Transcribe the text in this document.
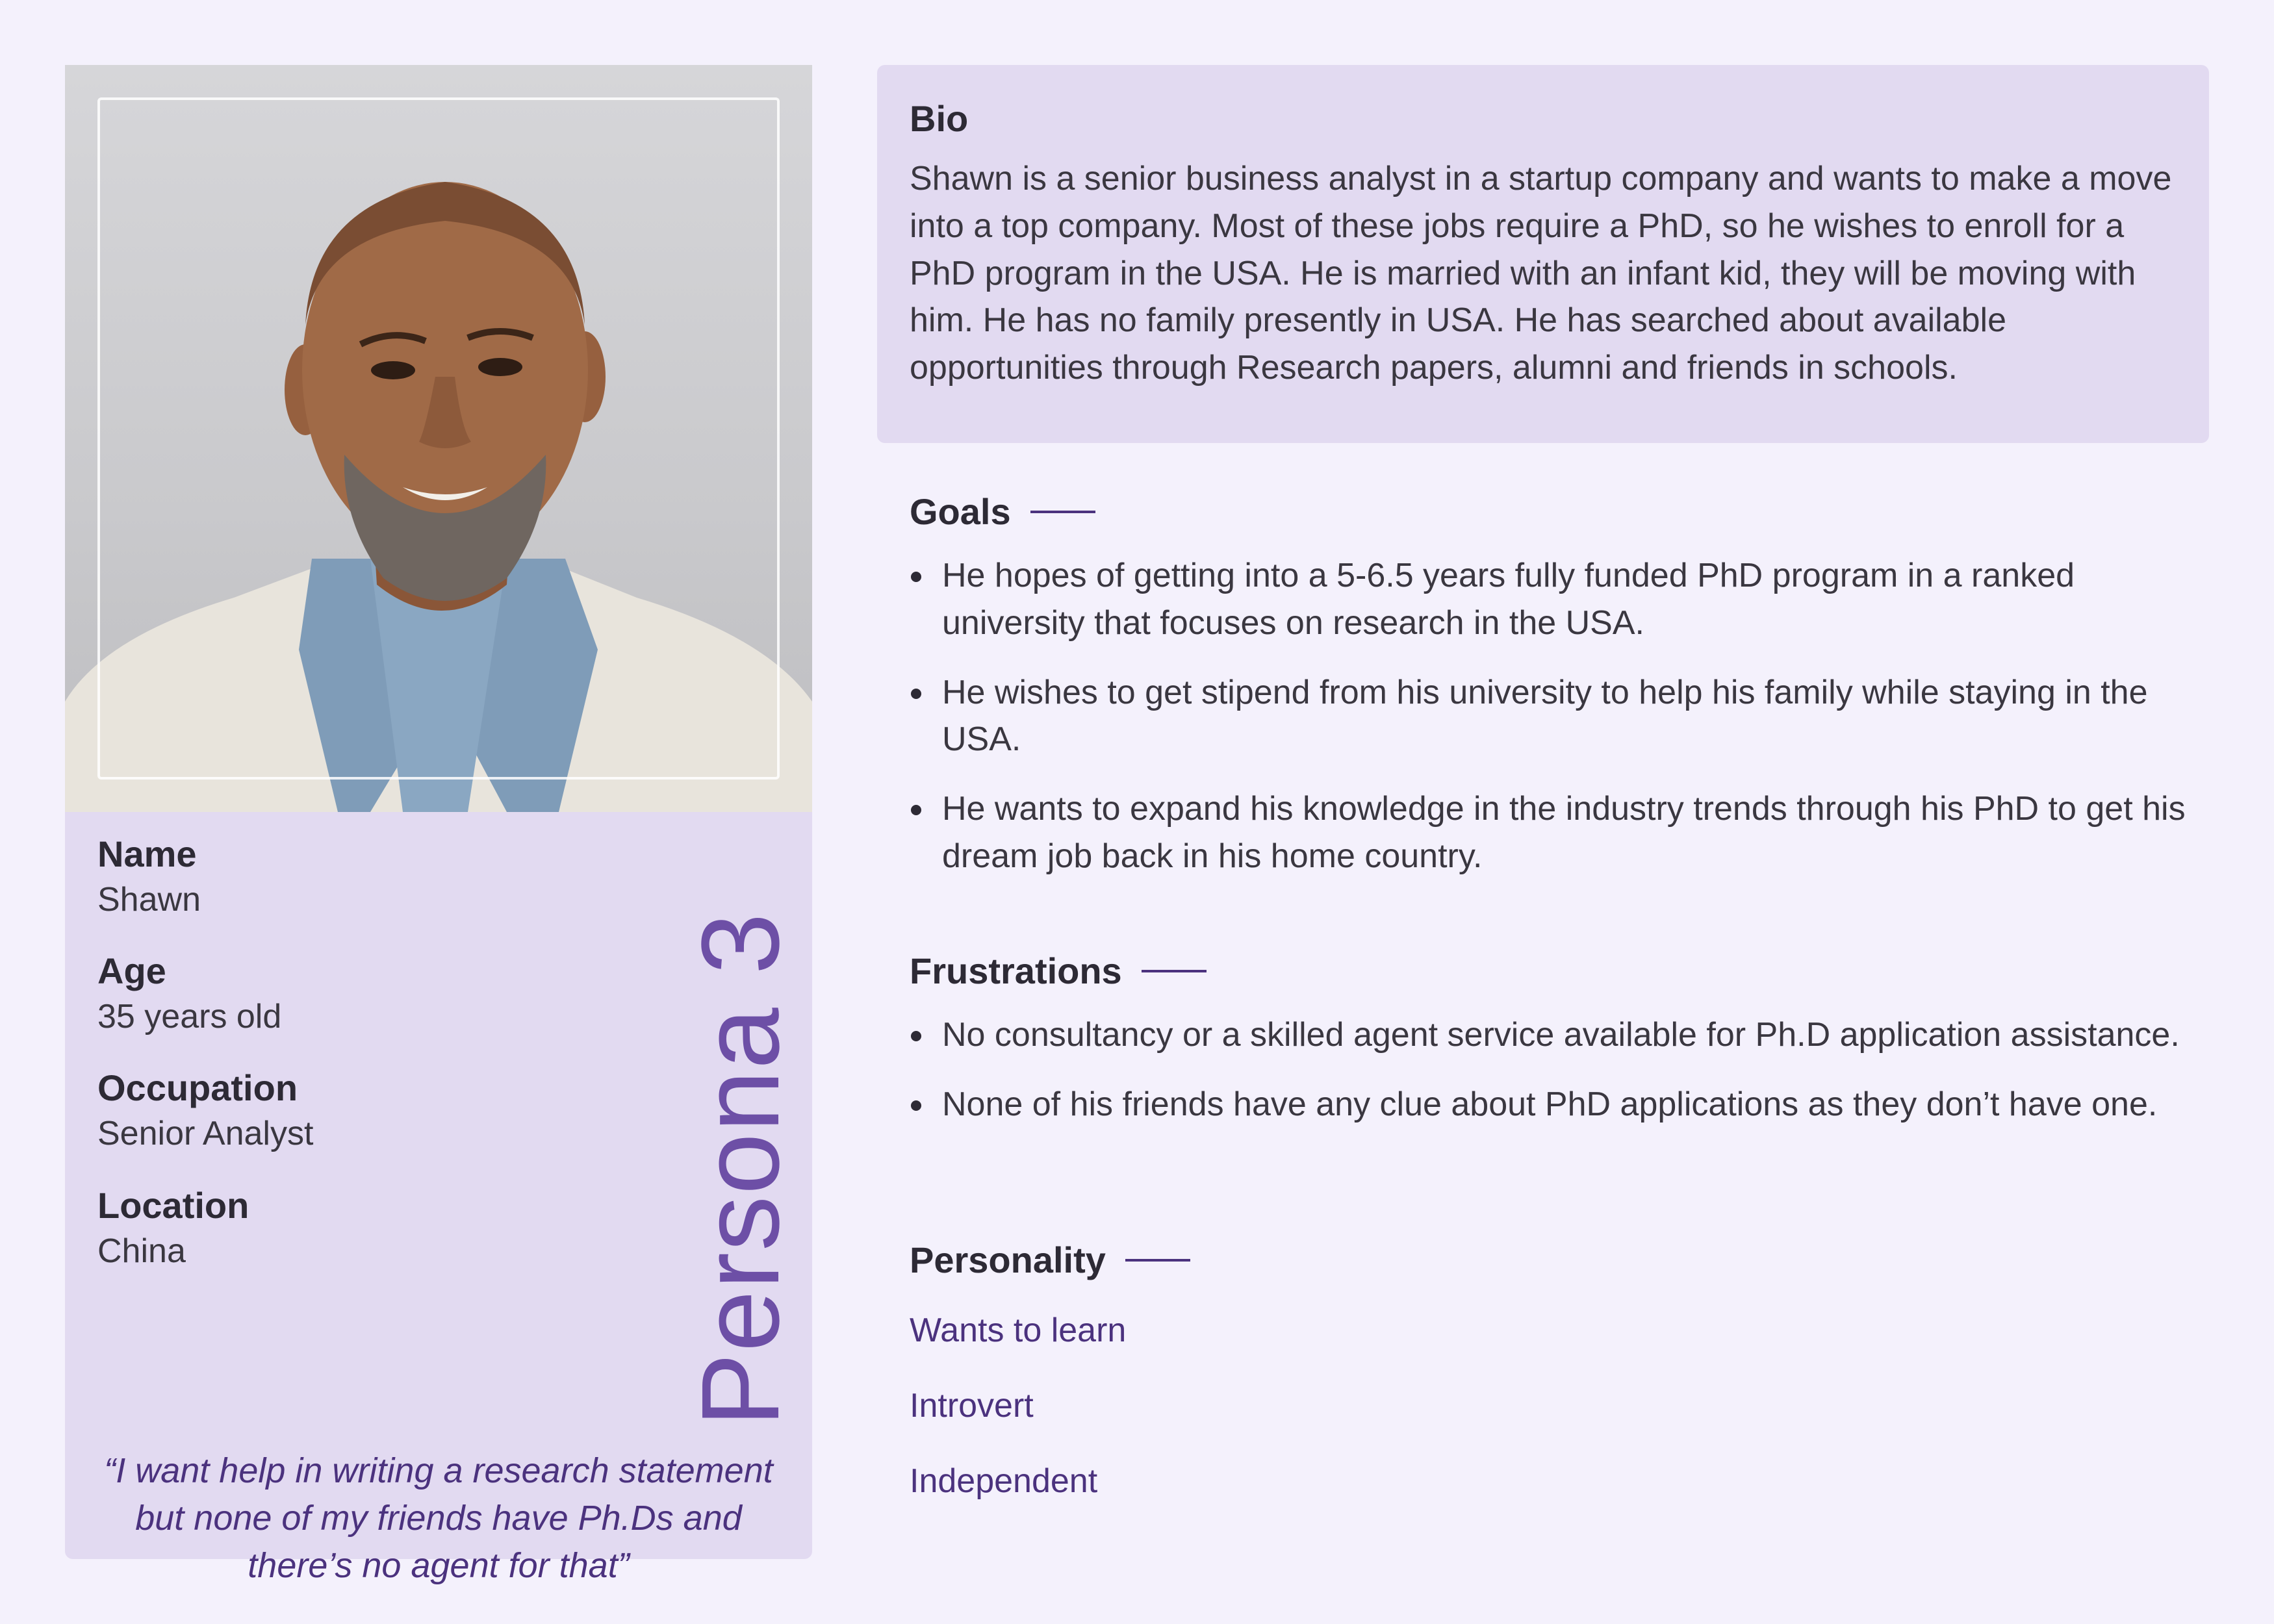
Name
Shawn
Age
35 years old
Occupation
Senior Analyst
Location
China	Persona 3
“I want help in writing a research statement but none of my friends have Ph.Ds and there’s no agent for that”
Bio
Shawn is a senior business analyst in a startup company and wants to make a move into a top company. Most of these jobs require a PhD, so he wishes to enroll for a PhD program in the USA. He is married with an infant kid, they will be moving with him. He has no family presently in USA. He has searched about available opportunities through Research papers, alumni and friends in schools.
Goals
He hopes of getting into a 5-6.5 years fully funded PhD program in a ranked university that focuses on research in the USA.
He wishes to get stipend from his university to help his family while staying in the USA.
He wants to expand his knowledge in the industry trends through his PhD to get his dream job back in his home country.
Frustrations
No consultancy or a skilled agent service available for Ph.D application assistance.
None of his friends have any clue about PhD applications as they don’t have one.
Personality
Wants to learn
Introvert
Independent
